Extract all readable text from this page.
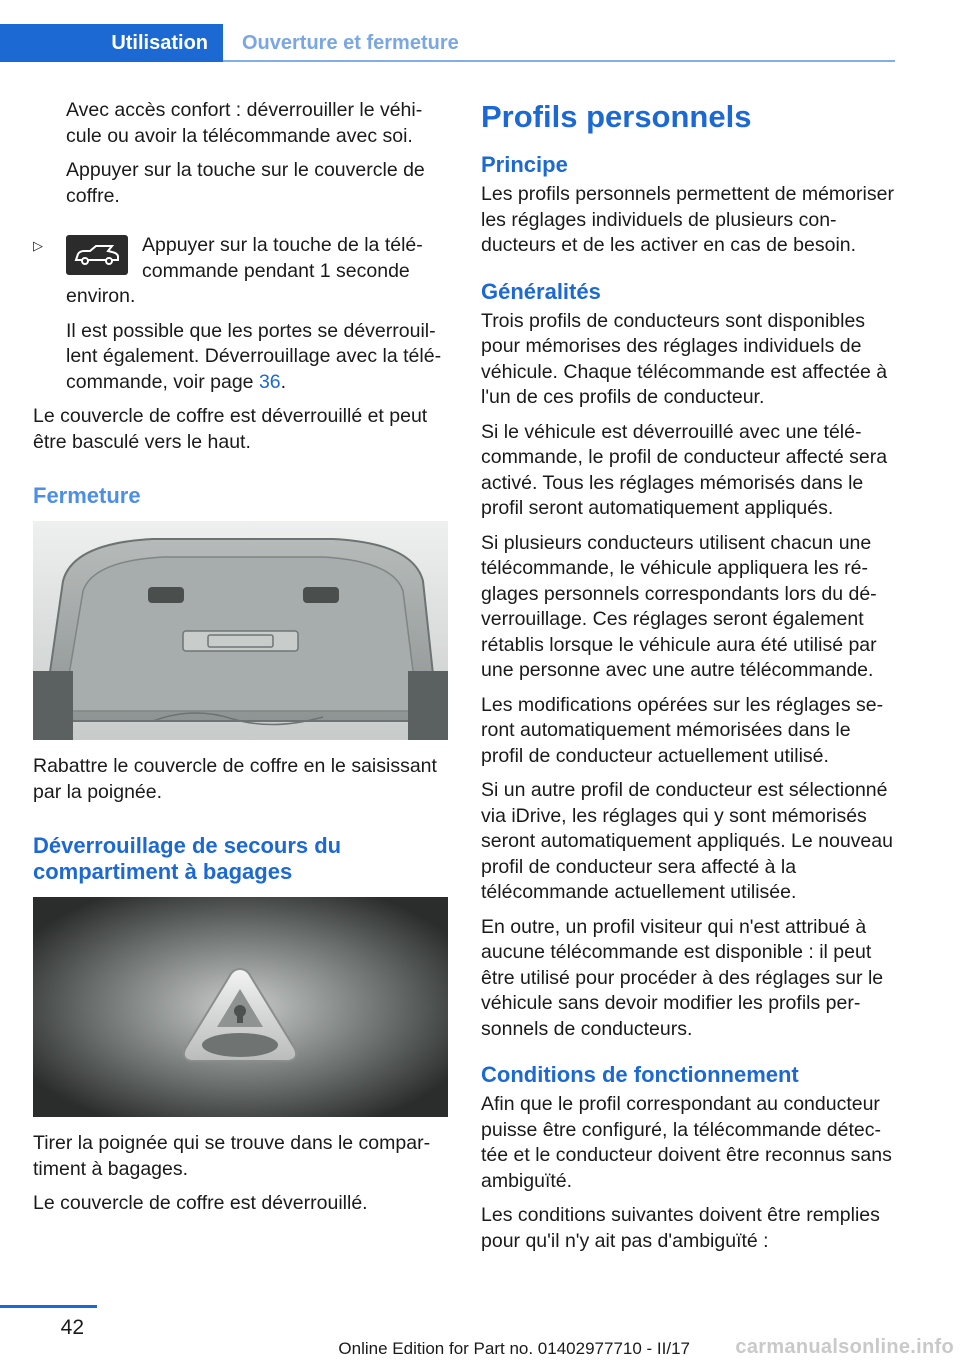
Utilisation	Ouverture et fermeture

Avec accès confort : déverrouiller le véhicule ou avoir la télécommande avec soi.

Appuyer sur la touche sur le couvercle de coffre.

▷	Appuyer sur la touche de la télécommande pendant 1 seconde environ.

Il est possible que les portes se déverrouillent également. Déverrouillage avec la télécommande, voir page 36.

Le couvercle de coffre est déverrouillé et peut être basculé vers le haut.

Fermeture

Rabattre le couvercle de coffre en le saisissant par la poignée.

Déverrouillage de secours du compartiment à bagages

Tirer la poignée qui se trouve dans le compartiment à bagages.

Le couvercle de coffre est déverrouillé.

Profils personnels
Principe

Les profils personnels permettent de mémoriser les réglages individuels de plusieurs conducteurs et de les activer en cas de besoin.

Généralités

Trois profils de conducteurs sont disponibles pour mémorises des réglages individuels de véhicule. Chaque télécommande est affectée à l'un de ces profils de conducteur.

Si le véhicule est déverrouillé avec une télécommande, le profil de conducteur affecté sera activé. Tous les réglages mémorisés dans le profil seront automatiquement appliqués.

Si plusieurs conducteurs utilisent chacun une télécommande, le véhicule appliquera les réglages personnels correspondants lors du déverrouillage. Ces réglages seront également rétablis lorsque le véhicule aura été utilisé par une personne avec une autre télécommande.

Les modifications opérées sur les réglages seront automatiquement mémorisées dans le profil de conducteur actuellement utilisé.

Si un autre profil de conducteur est sélectionné via iDrive, les réglages qui y sont mémorisés seront automatiquement appliqués. Le nouveau profil de conducteur sera affecté à la télécommande actuellement utilisée.

En outre, un profil visiteur qui n'est attribué à aucune télécommande est disponible : il peut être utilisé pour procéder à des réglages sur le véhicule sans devoir modifier les profils personnels de conducteurs.

Conditions de fonctionnement

Afin que le profil correspondant au conducteur puisse être configuré, la télécommande détectée et le conducteur doivent être reconnus sans ambiguïté.

Les conditions suivantes doivent être remplies pour qu'il n'y ait pas d'ambiguïté :

42
Online Edition for Part no. 01402977710 - II/17 carmanualsonline.info
